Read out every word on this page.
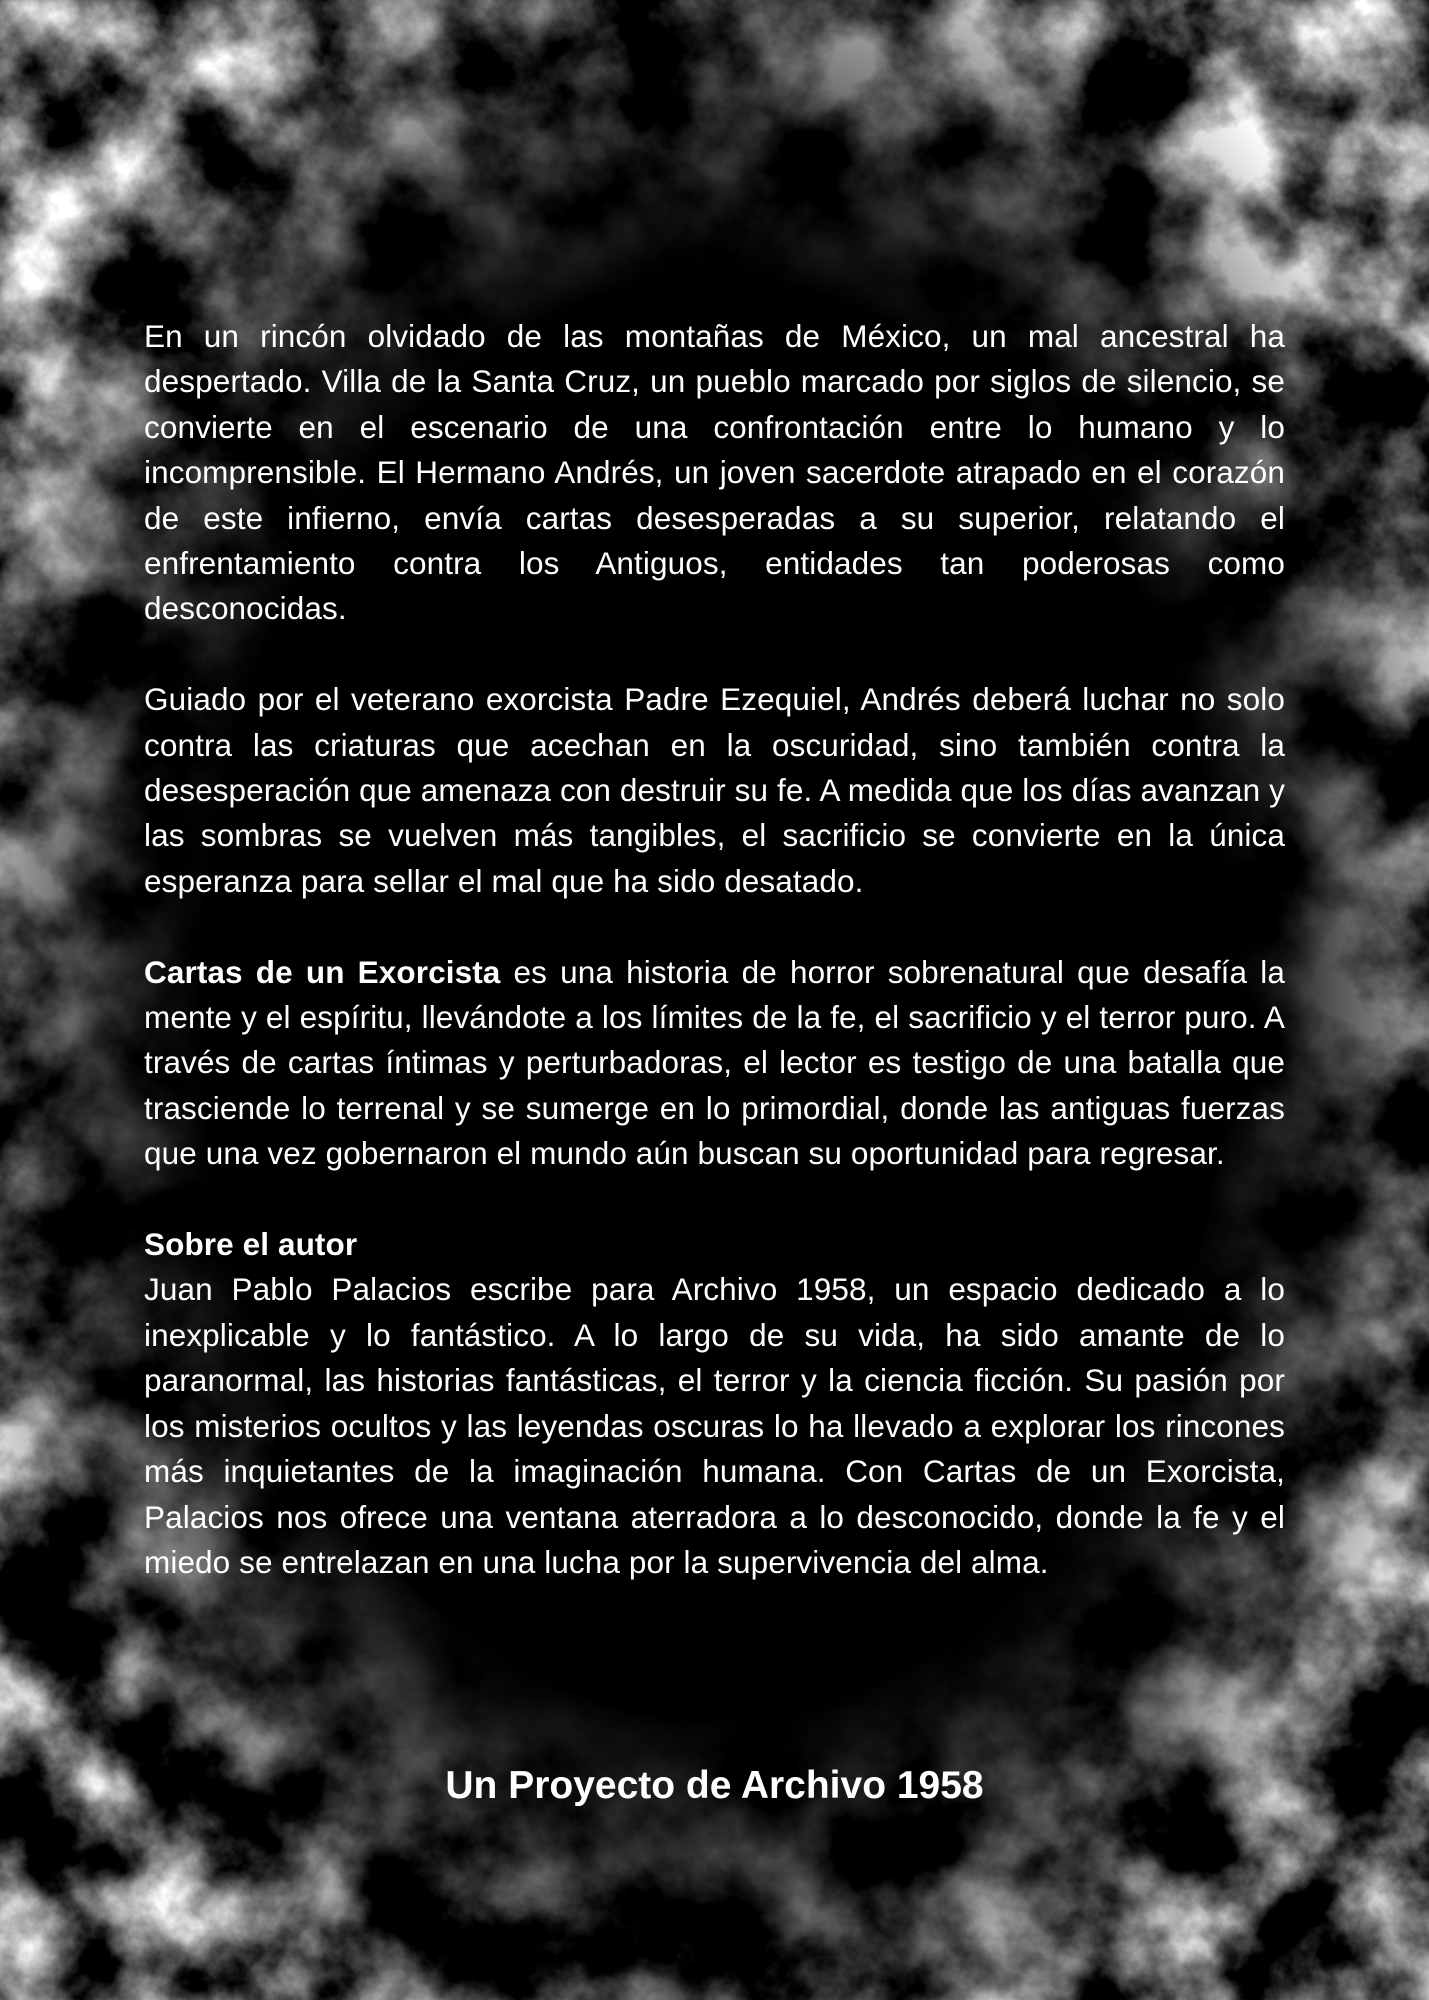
En un rincón olvidado de las montañas de México, un mal ancestral ha despertado. Villa de la Santa Cruz, un pueblo marcado por siglos de silencio, se convierte en el escenario de una confrontación entre lo humano y lo incomprensible. El Hermano Andrés, un joven sacerdote atrapado en el corazón de este infierno, envía cartas desesperadas a su superior, relatando el enfrentamiento contra los Antiguos, entidades tan poderosas como desconocidas.

Guiado por el veterano exorcista Padre Ezequiel, Andrés deberá luchar no solo contra las criaturas que acechan en la oscuridad, sino también contra la desesperación que amenaza con destruir su fe. A medida que los días avanzan y las sombras se vuelven más tangibles, el sacrificio se convierte en la única esperanza para sellar el mal que ha sido desatado.

Cartas de un Exorcista es una historia de horror sobrenatural que desafía la mente y el espíritu, llevándote a los límites de la fe, el sacrificio y el terror puro. A través de cartas íntimas y perturbadoras, el lector es testigo de una batalla que trasciende lo terrenal y se sumerge en lo primordial, donde las antiguas fuerzas que una vez gobernaron el mundo aún buscan su oportunidad para regresar.

Sobre el autor
Juan Pablo Palacios escribe para Archivo 1958, un espacio dedicado a lo inexplicable y lo fantástico. A lo largo de su vida, ha sido amante de lo paranormal, las historias fantásticas, el terror y la ciencia ficción. Su pasión por los misterios ocultos y las leyendas oscuras lo ha llevado a explorar los rincones más inquietantes de la imaginación humana. Con Cartas de un Exorcista, Palacios nos ofrece una ventana aterradora a lo desconocido, donde la fe y el miedo se entrelazan en una lucha por la supervivencia del alma.

Un Proyecto de Archivo 1958
